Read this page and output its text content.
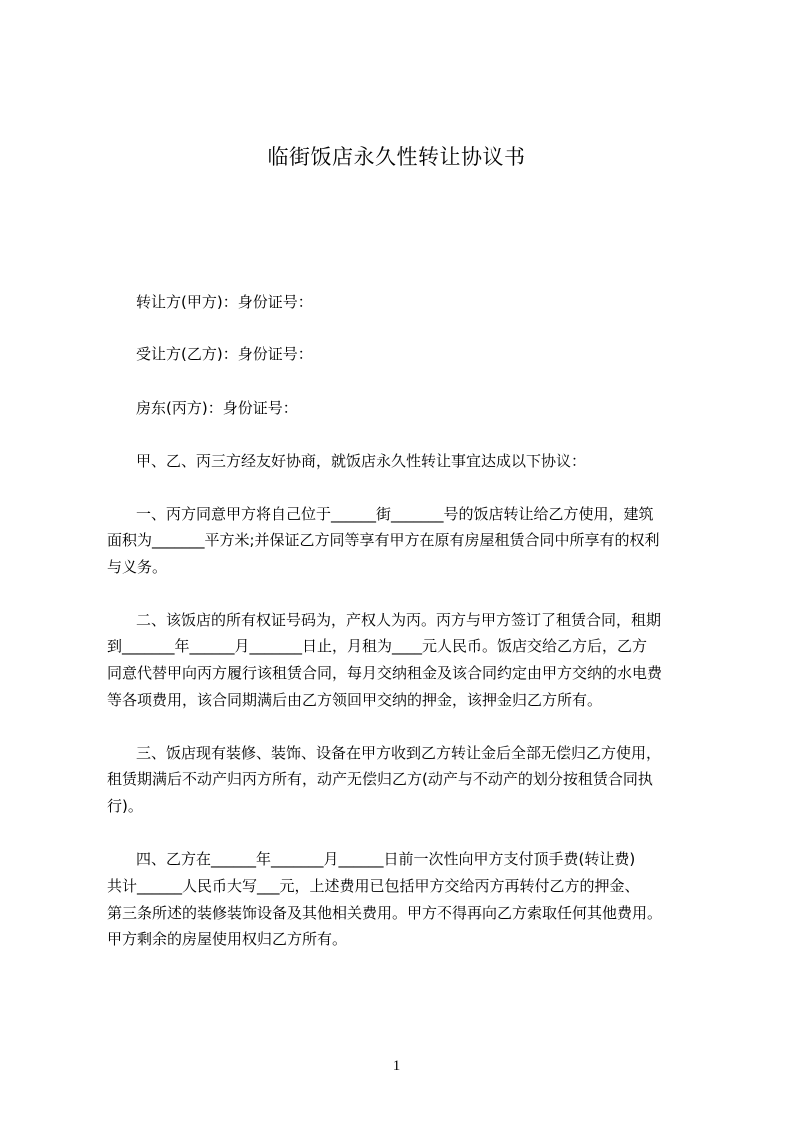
临街饭店永久性转让协议书
转让方(甲方)：身份证号：
受让方(乙方)：身份证号：
房东(丙方)：身份证号：
甲、乙、丙三方经友好协商，就饭店永久性转让事宜达成以下协议：
一、丙方同意甲方将自己位于______街_______号的饭店转让给乙方使用，建筑
面积为_______平方米;并保证乙方同等享有甲方在原有房屋租赁合同中所享有的权利
与义务。
二、该饭店的所有权证号码为，产权人为丙。丙方与甲方签订了租赁合同，租期
到_______年______月_______日止，月租为____元人民币。饭店交给乙方后，乙方
同意代替甲向丙方履行该租赁合同，每月交纳租金及该合同约定由甲方交纳的水电费
等各项费用，该合同期满后由乙方领回甲交纳的押金，该押金归乙方所有。
三、饭店现有装修、装饰、设备在甲方收到乙方转让金后全部无偿归乙方使用，
租赁期满后不动产归丙方所有，动产无偿归乙方(动产与不动产的划分按租赁合同执
行)。
四、乙方在______年_______月______日前一次性向甲方支付顶手费(转让费)
共计______人民币大写___元，上述费用已包括甲方交给丙方再转付乙方的押金、
第三条所述的装修装饰设备及其他相关费用。甲方不得再向乙方索取任何其他费用。
甲方剩余的房屋使用权归乙方所有。
1
